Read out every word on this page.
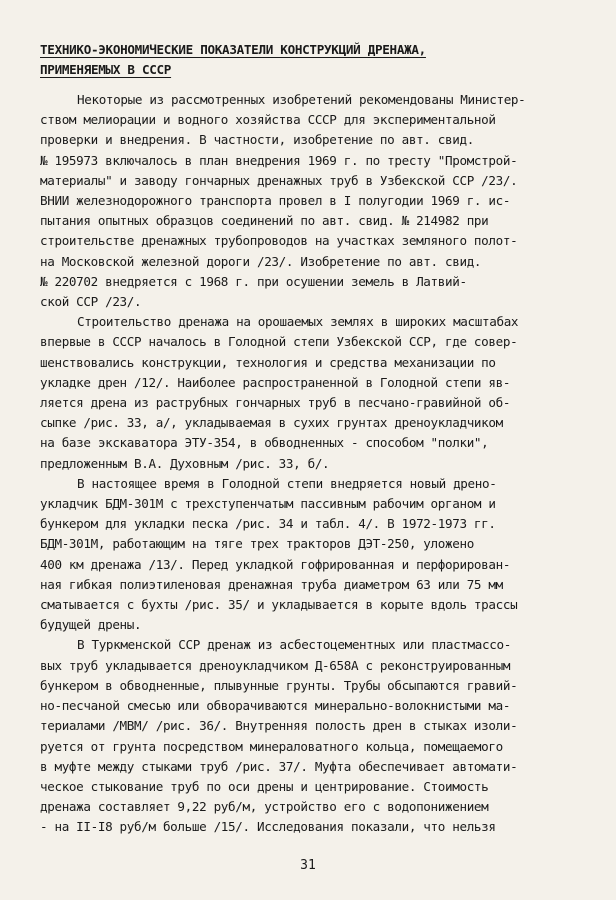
ТЕХНИКО-ЭКОНОМИЧЕСКИЕ ПОКАЗАТЕЛИ КОНСТРУКЦИЙ ДРЕНАЖА,
ПРИМЕНЯЕМЫХ В СССР
Некоторые из рассмотренных изобретений рекомендованы Министер-
ством мелиорации и водного хозяйства СССР для экспериментальной
проверки и внедрения. В частности, изобретение по авт. свид.
№ 195973 включалось в план внедрения 1969 г. по тресту "Промстрой-
материалы" и заводу гончарных дренажных труб в Узбекской ССР /23/.
ВНИИ железнодорожного транспорта провел в I полугодии 1969 г. ис-
пытания опытных образцов соединений по авт. свид. № 214982 при
строительстве дренажных трубопроводов на участках земляного полот-
на Московской железной дороги /23/. Изобретение по авт. свид.
№ 220702 внедряется с 1968 г. при осушении земель в Латвий-
ской ССР /23/.
Строительство дренажа на орошаемых землях в широких масштабах
впервые в СССР началось в Голодной степи Узбекской ССР, где совер-
шенствовались конструкции, технология и средства механизации по
укладке дрен /12/. Наиболее распространенной в Голодной степи яв-
ляется дрена из раструбных гончарных труб в песчано-гравийной об-
сыпке /рис. 33, а/, укладываемая в сухих грунтах дреноукладчиком
на базе экскаватора ЭТУ-354, в обводненных - способом "полки",
предложенным В.А. Духовным /рис. 33, б/.
В настоящее время в Голодной степи внедряется новый дрено-
укладчик БДМ-301М с трехступенчатым пассивным рабочим органом и
бункером для укладки песка /рис. 34 и табл. 4/. В 1972-1973 гг.
БДМ-301М, работающим на тяге трех тракторов ДЭТ-250, уложено
400 км дренажа /13/. Перед укладкой гофрированная и перфорирован-
ная гибкая полиэтиленовая дренажная труба диаметром 63 или 75 мм
сматывается с бухты /рис. 35/ и укладывается в корыте вдоль трассы
будущей дрены.
В Туркменской ССР дренаж из асбестоцементных или пластмассо-
вых труб укладывается дреноукладчиком Д-658А с реконструированным
бункером в обводненные, плывунные грунты. Трубы обсыпаются гравий-
но-песчаной смесью или обворачиваются минерально-волокнистыми ма-
териалами /МВМ/ /рис. 36/. Внутренняя полость дрен в стыках изоли-
руется от грунта посредством минераловатного кольца, помещаемого
в муфте между стыками труб /рис. 37/. Муфта обеспечивает автомати-
ческое стыкование труб по оси дрены и центрирование. Стоимость
дренажа составляет 9,22 руб/м, устройство его с водопонижением
- на II-I8 руб/м больше /15/. Исследования показали, что нельзя
31
